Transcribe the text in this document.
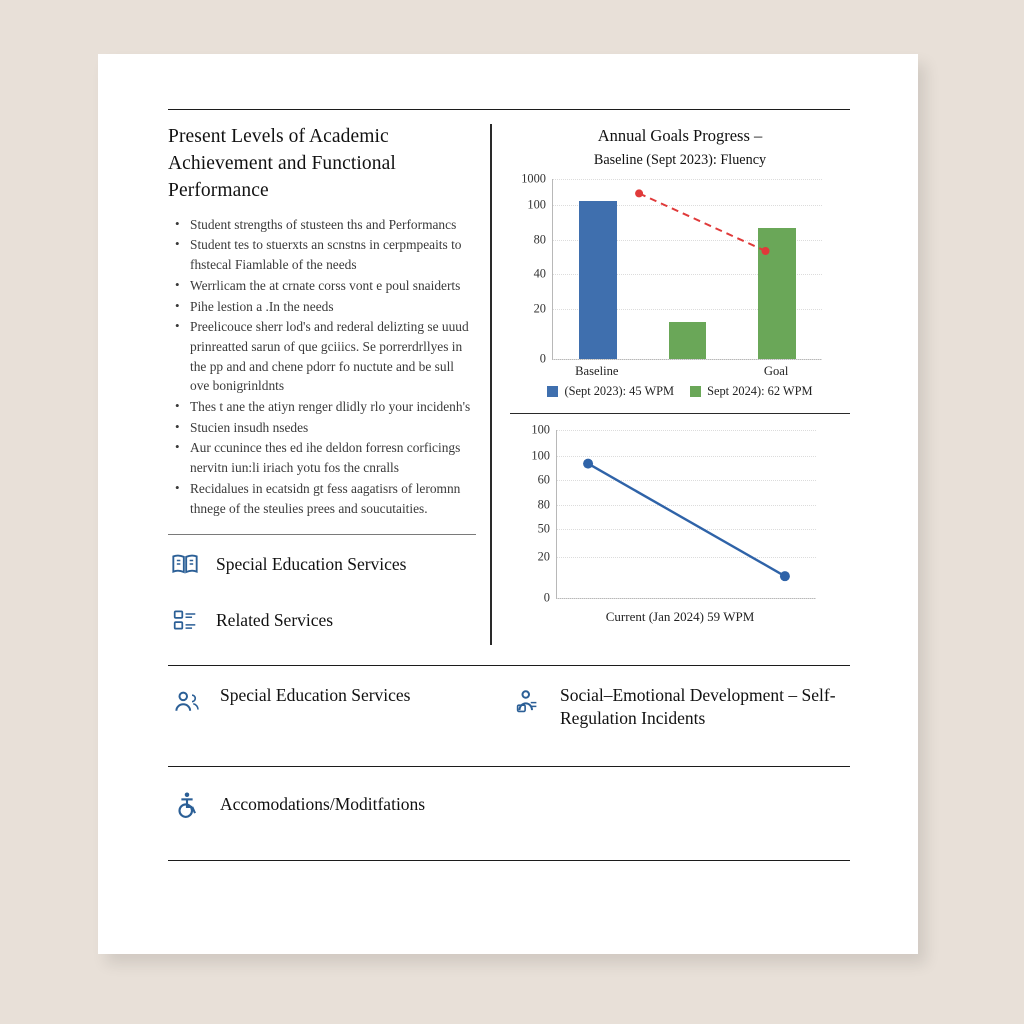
Present Levels of Academic Achievement and Functional Performance
• Student strengths of stusteen ths and Performancs
• Student tes to stuerxts an scnstns in cerpmpeaits to fhstecal Fiamlable of the needs
• Werrlicam the at crnate corss vont e poul snaiderts
• Pihe lestion a .In the needs
• Preelicouce sherr lod's and rederal delizting se uuud prinreatted sarun of que gciiics. Se porrerdrllyes in the pp and and chene pdorr fo nuctute and be sull ove bonigrinldnts
• Thes t ane the atiyn renger dlidly rlo your incidenh's
• Stucien insudh nsedes
• Aur ccunince thes ed ihe deldon forresn corficings nervitn iun:li iriach yotu fos the cnralls
• Recidalues in ecatsidn gt fess aagatisrs of leromnn thnege of the steulies prees and soucutaities.
Special Education Services
Related Services
Annual Goals Progress –
Baseline (Sept 2023): Fluency
1000
100
80
40
20
0
Baseline	Goal
(Sept 2023): 45 WPM	Sept 2024): 62 WPM
100
100
60
80
50
20
0
Current (Jan 2024) 59 WPM
Special Education Services	Social–Emotional Development – Self-Regulation Incidents
Accomodations/Moditfations
